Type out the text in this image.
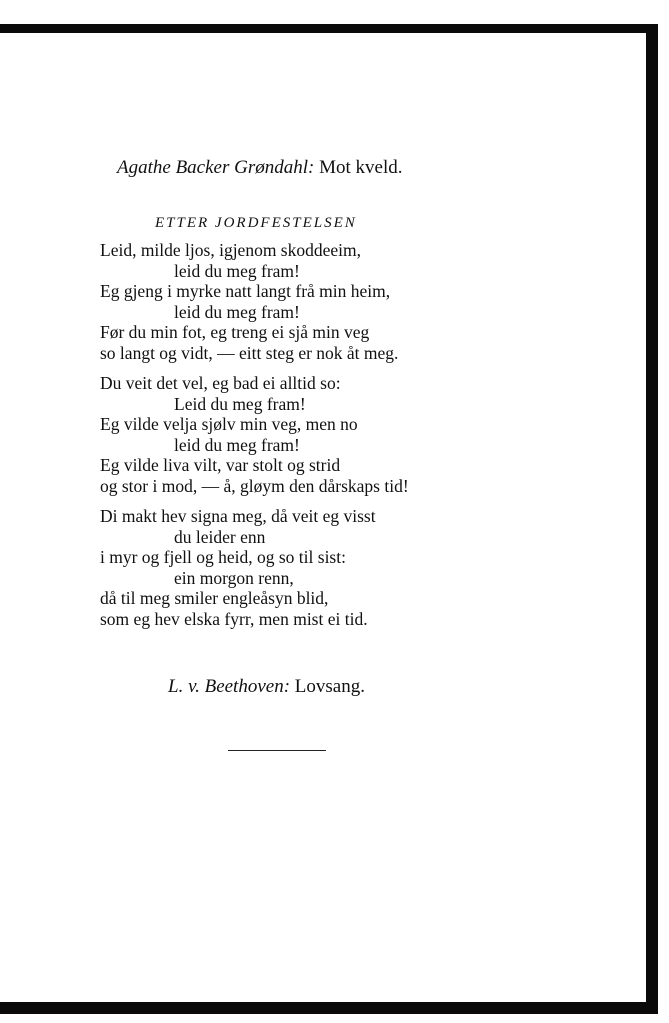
Agathe Backer Grøndahl: Mot kveld.
ETTER JORDFESTELSEN
Leid, milde ljos, igjenom skoddeeim,
leid du meg fram!
Eg gjeng i myrke natt langt frå min heim,
leid du meg fram!
Før du min fot, eg treng ei sjå min veg
so langt og vidt, — eitt steg er nok åt meg.
Du veit det vel, eg bad ei alltid so:
Leid du meg fram!
Eg vilde velja sjølv min veg, men no
leid du meg fram!
Eg vilde liva vilt, var stolt og strid
og stor i mod, — å, gløym den dårskaps tid!
Di makt hev signa meg, då veit eg visst
du leider enn
i myr og fjell og heid, og so til sist:
ein morgon renn,
då til meg smiler engleåsyn blid,
som eg hev elska fyrr, men mist ei tid.
L. v. Beethoven: Lovsang.
